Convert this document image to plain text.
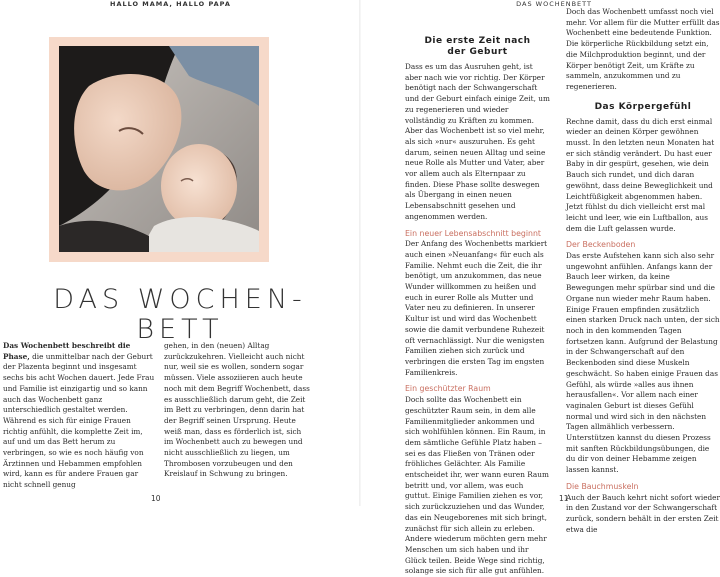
HALLO MAMA, HALLO PAPA	DAS WOCHENBETT
DAS WOCHEN-
BETT

Das Wochenbett beschreibt die Phase, die unmittelbar nach der Geburt der Plazenta beginnt und insgesamt sechs bis acht Wochen dauert. Jede Frau und Familie ist einzigartig und so kann auch das Wochenbett ganz unterschiedlich gestaltet werden. Während es sich für einige Frauen richtig anfühlt, die komplette Zeit im, auf und um das Bett herum zu verbringen, so wie es noch häufig von Ärztinnen und Hebammen empfohlen wird, kann es für andere Frauen gar nicht schnell genug

gehen, in den (neuen) Alltag zurückzukehren. Vielleicht auch nicht nur, weil sie es wollen, sondern sogar müssen. Viele assoziieren auch heute noch mit dem Begriff Wochenbett, dass es ausschließlich darum geht, die Zeit im Bett zu verbringen, denn darin hat der Begriff seinen Ursprung. Heute weiß man, dass es förderlich ist, sich im Wochenbett auch zu bewegen und nicht ausschließlich zu liegen, um Thrombosen vorzubeugen und den Kreislauf in Schwung zu bringen.

Die erste Zeit nach
der Geburt

Dass es um das Ausruhen geht, ist aber nach wie vor richtig. Der Körper benötigt nach der Schwangerschaft und der Geburt einfach einige Zeit, um zu regenerieren und wieder vollständig zu Kräften zu kommen. Aber das Wochenbett ist so viel mehr, als sich »nur« auszuruhen. Es geht darum, seinen neuen Alltag und seine neue Rolle als Mutter und Vater, aber vor allem auch als Elternpaar zu finden. Diese Phase sollte deswegen als Übergang in einen neuen Lebensabschnitt gesehen und angenommen werden.

Ein neuer Lebensabschnitt beginnt

Der Anfang des Wochenbetts markiert auch einen »Neuanfang« für euch als Familie. Nehmt euch die Zeit, die ihr benötigt, um anzukommen, das neue Wunder willkommen zu heißen und euch in eurer Rolle als Mutter und Vater neu zu definieren. In unserer Kultur ist und wird das Wochenbett sowie die damit verbundene Ruhezeit oft vernachlässigt. Nur die wenigsten Familien ziehen sich zurück und verbringen die ersten Tag im engsten Familienkreis.

Ein geschützter Raum

Doch sollte das Wochenbett ein geschützter Raum sein, in dem alle Familienmitglieder ankommen und sich wohlfühlen können. Ein Raum, in dem sämtliche Gefühle Platz haben – sei es das Fließen von Tränen oder fröhliches Gelächter. Als Familie entscheidet ihr, wer wann euren Raum betritt und, vor allem, was euch guttut. Einige Familien ziehen es vor, sich zurückzuziehen und das Wunder, das ein Neugeborenes mit sich bringt, zunächst für sich allein zu erleben. Andere wiederum möchten gern mehr Menschen um sich haben und ihr Glück teilen. Beide Wege sind richtig, solange sie sich für alle gut anfühlen.

Doch das Wochenbett umfasst noch viel mehr. Vor allem für die Mutter erfüllt das Wochenbett eine bedeutende Funktion. Die körperliche Rückbildung setzt ein, die Milchproduktion beginnt, und der Körper benötigt Zeit, um Kräfte zu sammeln, anzukommen und zu regenerieren.

Das Körpergefühl

Rechne damit, dass du dich erst einmal wieder an deinen Körper gewöhnen musst. In den letzten neun Monaten hat er sich ständig verändert. Du hast euer Baby in dir gespürt, gesehen, wie dein Bauch sich rundet, und dich daran gewöhnt, dass deine Beweglichkeit und Leichtfüßigkeit abgenommen haben. Jetzt fühlst du dich vielleicht erst mal leicht und leer, wie ein Luftballon, aus dem die Luft gelassen wurde.

Der Beckenboden

Das erste Aufstehen kann sich also sehr ungewohnt anfühlen. Anfangs kann der Bauch leer wirken, da keine Bewegungen mehr spürbar sind und die Organe nun wieder mehr Raum haben. Einige Frauen empfinden zusätzlich einen starken Druck nach unten, der sich noch in den kommenden Tagen fortsetzen kann. Aufgrund der Belastung in der Schwangerschaft auf den Beckenboden sind diese Muskeln geschwächt. So haben einige Frauen das Gefühl, als würde »alles aus ihnen herausfallen«. Vor allem nach einer vaginalen Geburt ist dieses Gefühl normal und wird sich in den nächsten Tagen allmählich verbessern. Unterstützen kannst du diesen Prozess mit sanften Rückbildungsübungen, die du dir von deiner Hebamme zeigen lassen kannst.

Die Bauchmuskeln

Auch der Bauch kehrt nicht sofort wieder in den Zustand vor der Schwangerschaft zurück, sondern behält in der ersten Zeit etwa die

10	11
